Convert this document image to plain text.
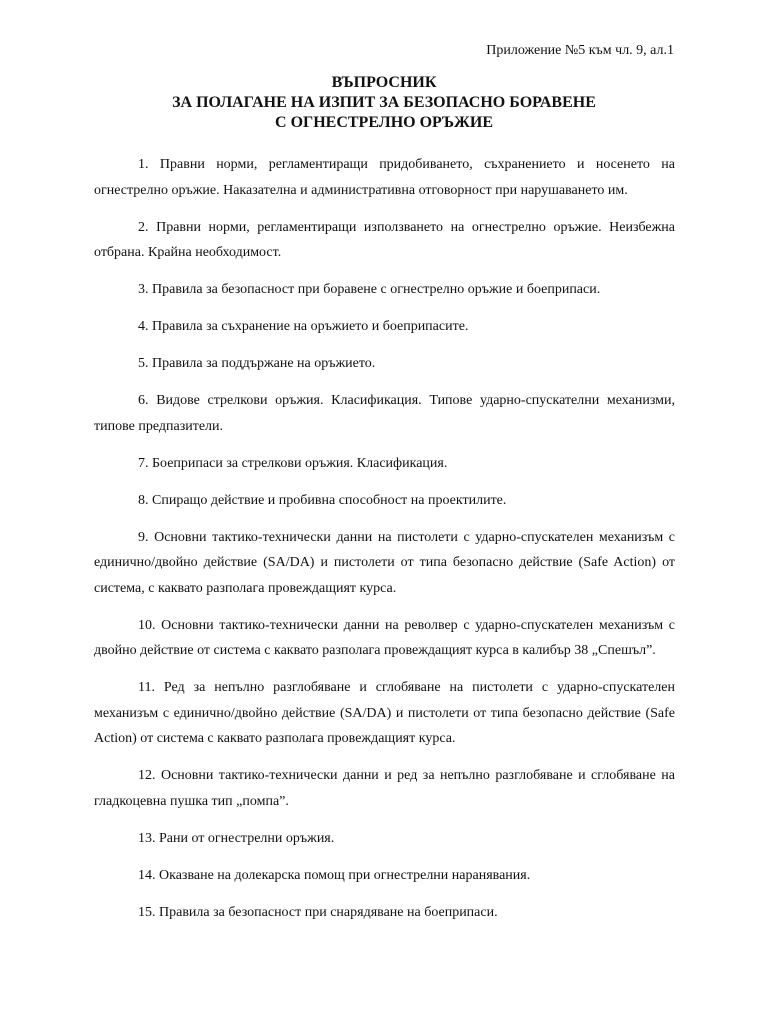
Приложение №5 към чл. 9, ал.1
ВЪПРОСНИК
ЗА ПОЛАГАНЕ НА ИЗПИТ ЗА БЕЗОПАСНО БОРАВЕНЕ
С ОГНЕСТРЕЛНО ОРЪЖИЕ
1. Правни норми, регламентиращи придобиването, съхранението и носенето на огнестрелно оръжие. Наказателна и административна отговорност при нарушаването им.
2. Правни норми, регламентиращи използването на огнестрелно оръжие. Неизбежна отбрана. Крайна необходимост.
3. Правила за безопасност при боравене с огнестрелно оръжие и боеприпаси.
4. Правила за съхранение на оръжието и боеприпасите.
5. Правила за поддържане на оръжието.
6. Видове стрелкови оръжия. Класификация. Типове ударно-спускателни механизми, типове предпазители.
7. Боеприпаси за стрелкови оръжия. Класификация.
8. Спиращо действие и пробивна способност на проектилите.
9. Основни тактико-технически данни на пистолети с ударно-спускателен механизъм с единично/двойно действие (SA/DA) и пистолети от типа безопасно действие (Safe Action) от система, с каквато разполага провеждащият курса.
10. Основни тактико-технически данни на револвер с ударно-спускателен механизъм с двойно действие от система с каквато разполага провеждащият курса в калибър 38 „Спешъл”.
11. Ред за непълно разглобяване и сглобяване на пистолети с ударно-спускателен механизъм с единично/двойно действие (SA/DA) и пистолети от типа безопасно действие (Safe Action) от система с каквато разполага провеждащият курса.
12. Основни тактико-технически данни и ред за непълно разглобяване и сглобяване на гладкоцевна пушка тип „помпа”.
13. Рани от огнестрелни оръжия.
14. Оказване на долекарска помощ при огнестрелни наранявания.
15. Правила за безопасност при снарядяване на боеприпаси.
